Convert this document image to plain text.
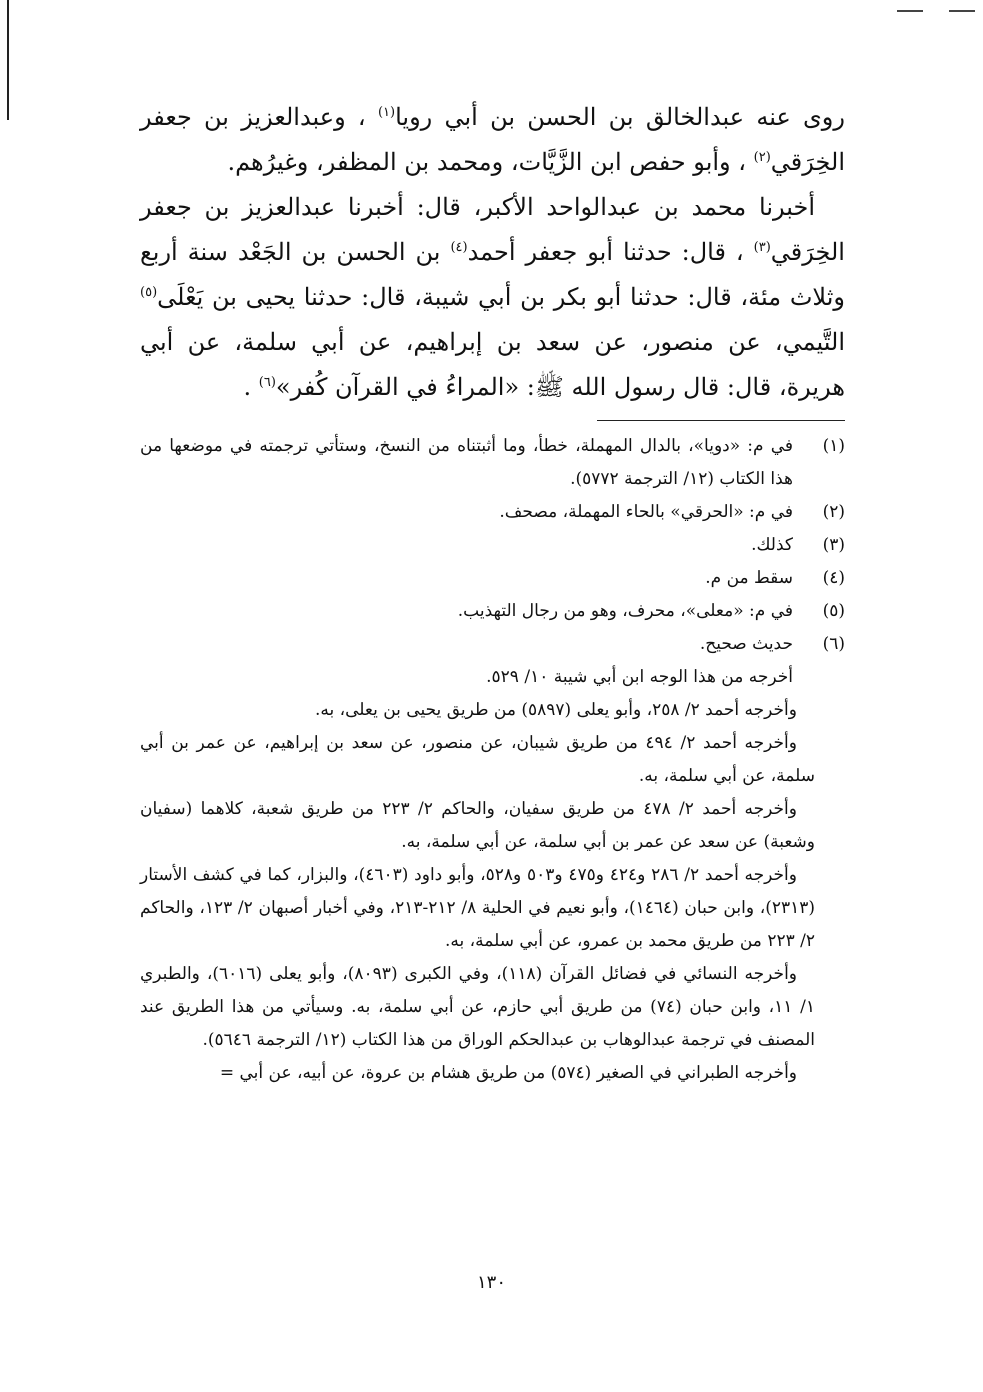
روى عنه عبدالخالق بن الحسن بن أبي رويا$^{(١)}$ ، وعبدالعزيز بن جعفر الخِرَقي$^{(٢)}$ ، وأبو حفص ابن الزَّيَّات، ومحمد بن المظفر، وغيرُهم.

أخبرنا محمد بن عبدالواحد الأكبر، قال: أخبرنا عبدالعزيز بن جعفر الخِرَقي$^{(٣)}$ ، قال: حدثنا أبو جعفر أحمد$^{(٤)}$ بن الحسن بن الجَعْد سنة أربع وثلاث مئة، قال: حدثنا أبو بكر بن أبي شيبة، قال: حدثنا يحيى بن يَعْلَى$^{(٥)}$ التَّيمي، عن منصور، عن سعد بن إبراهيم، عن أبي سلمة، عن أبي هريرة، قال: قال رسول الله ﷺ: «المراءُ في القرآن كُفر»$^{(٦)}$ .

(١)
في م: «دويا»، بالدال المهملة، خطأ، وما أثبتناه من النسخ، وستأتي ترجمته في موضعها من هذا الكتاب (١٢/ الترجمة ٥٧٧٢).
(٢)
في م: «الحرقي» بالحاء المهملة، مصحف.
(٣)
كذلك.
(٤)
سقط من م.
(٥)
في م: «معلى»، محرف، وهو من رجال التهذيب.
(٦)
حديث صحيح.

أخرجه من هذا الوجه ابن أبي شيبة ١٠/ ٥٢٩.

وأخرجه أحمد ٢/ ٢٥٨، وأبو يعلى (٥٨٩٧) من طريق يحيى بن يعلى، به.

وأخرجه أحمد ٢/ ٤٩٤ من طريق شيبان، عن منصور، عن سعد بن إبراهيم، عن عمر بن أبي سلمة، عن أبي سلمة، به.

وأخرجه أحمد ٢/ ٤٧٨ من طريق سفيان، والحاكم ٢/ ٢٢٣ من طريق شعبة، كلاهما (سفيان وشعبة) عن سعد عن عمر بن أبي سلمة، عن أبي سلمة، به.

وأخرجه أحمد ٢/ ٢٨٦ و٤٢٤ و٤٧٥ و٥٠٣ و٥٢٨، وأبو داود (٤٦٠٣)، والبزار، كما في كشف الأستار (٢٣١٣)، وابن حبان (١٤٦٤)، وأبو نعيم في الحلية ٨/ ٢١٢-٢١٣، وفي أخبار أصبهان ٢/ ١٢٣، والحاكم ٢/ ٢٢٣ من طريق محمد بن عمرو، عن أبي سلمة، به.

وأخرجه النسائي في فضائل القرآن (١١٨)، وفي الكبرى (٨٠٩٣)، وأبو يعلى (٦٠١٦)، والطبري ١/ ١١، وابن حبان (٧٤) من طريق أبي حازم، عن أبي سلمة، به. وسيأتي من هذا الطريق عند المصنف في ترجمة عبدالوهاب بن عبدالحكم الوراق من هذا الكتاب (١٢/ الترجمة ٥٦٤٦).

وأخرجه الطبراني في الصغير (٥٧٤) من طريق هشام بن عروة، عن أبيه، عن أبي =

١٣٠
